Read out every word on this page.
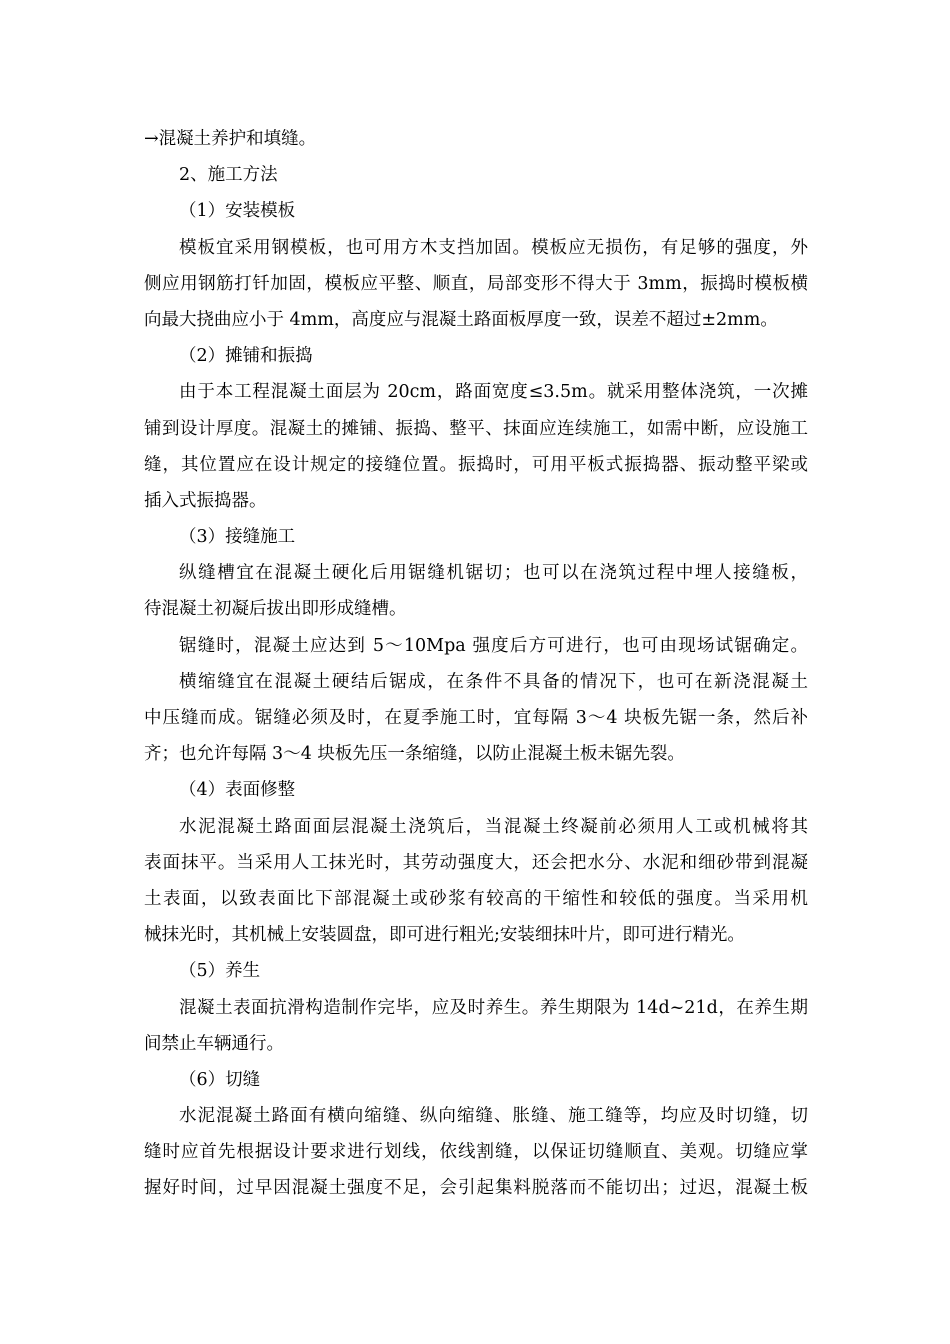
→混凝土养护和填缝。
2、施工方法
（1）安装模板
模板宜采用钢模板，也可用方木支挡加固。模板应无损伤，有足够的强度，外
侧应用钢筋打钎加固，模板应平整、顺直，局部变形不得大于 3mm，振捣时模板横
向最大挠曲应小于 4mm，高度应与混凝土路面板厚度一致，误差不超过±2mm。
（2）摊铺和振捣
由于本工程混凝土面层为 20cm，路面宽度≤3.5m。就采用整体浇筑，一次摊
铺到设计厚度。混凝土的摊铺、振捣、整平、抹面应连续施工，如需中断，应设施工
缝，其位置应在设计规定的接缝位置。振捣时，可用平板式振捣器、振动整平梁或
插入式振捣器。
（3）接缝施工
纵缝槽宜在混凝土硬化后用锯缝机锯切；也可以在浇筑过程中埋人接缝板，
待混凝土初凝后拔出即形成缝槽。
锯缝时，混凝土应达到 5～10Mpa 强度后方可进行，也可由现场试锯确定。
横缩缝宜在混凝土硬结后锯成，在条件不具备的情况下，也可在新浇混凝土
中压缝而成。锯缝必须及时，在夏季施工时，宜每隔 3～4 块板先锯一条，然后补
齐；也允许每隔 3～4 块板先压一条缩缝，以防止混凝土板未锯先裂。
（4）表面修整
水泥混凝土路面面层混凝土浇筑后，当混凝土终凝前必须用人工或机械将其
表面抹平。当采用人工抹光时，其劳动强度大，还会把水分、水泥和细砂带到混凝
土表面，以致表面比下部混凝土或砂浆有较高的干缩性和较低的强度。当采用机
械抹光时，其机械上安装圆盘，即可进行粗光;安装细抹叶片，即可进行精光。
（5）养生
混凝土表面抗滑构造制作完毕，应及时养生。养生期限为 14d~21d，在养生期
间禁止车辆通行。
（6）切缝
水泥混凝土路面有横向缩缝、纵向缩缝、胀缝、施工缝等，均应及时切缝，切
缝时应首先根据设计要求进行划线，依线割缝，以保证切缝顺直、美观。切缝应掌
握好时间，过早因混凝土强度不足，会引起集料脱落而不能切出；过迟，混凝土板
